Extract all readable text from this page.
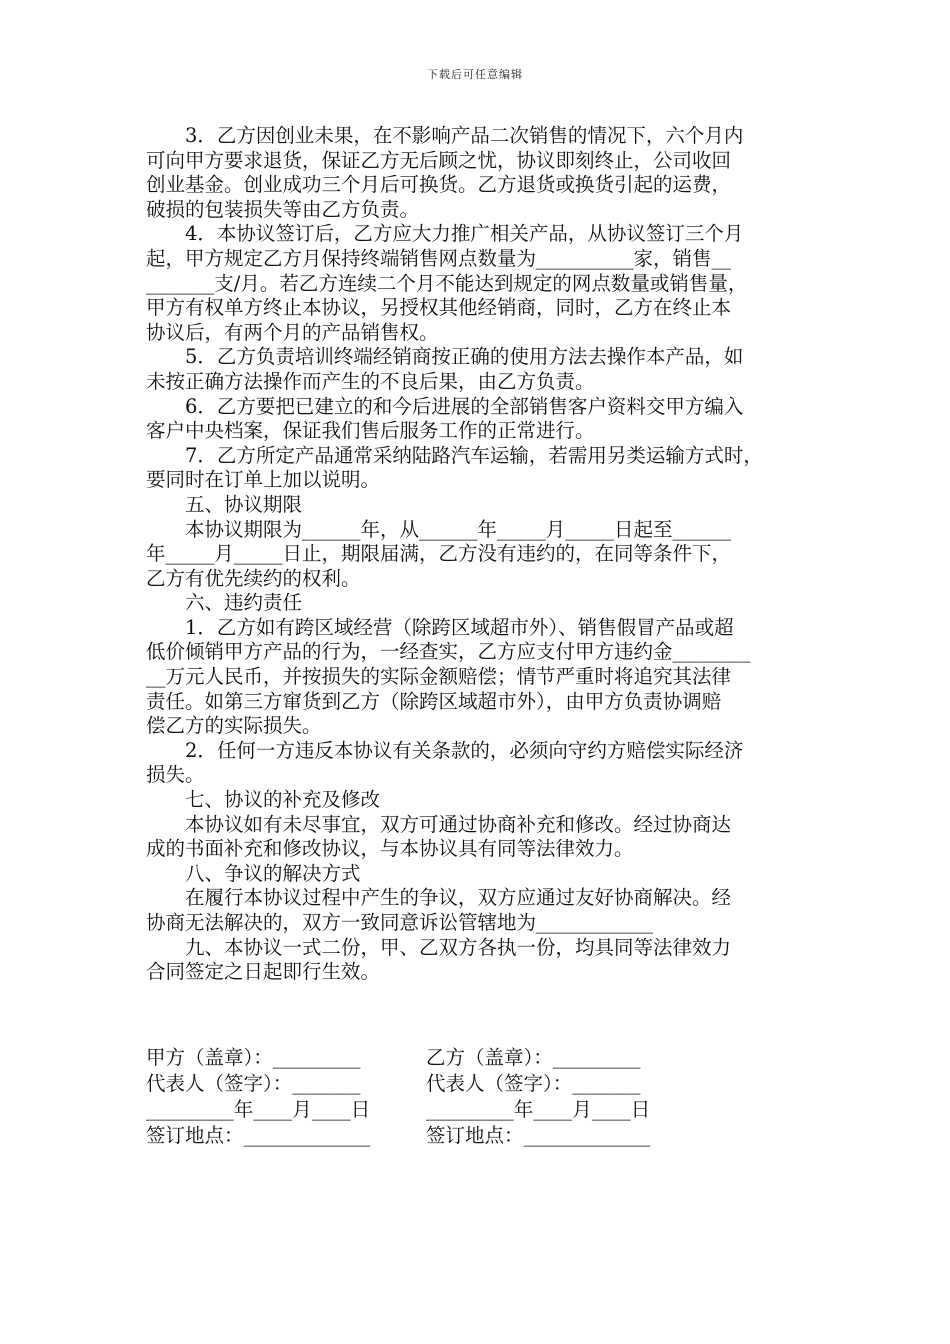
下载后可任意编辑
　　3．乙方因创业未果，在不影响产品二次销售的情况下，六个月内
可向甲方要求退货，保证乙方无后顾之忧，协议即刻终止，公司收回
创业基金。创业成功三个月后可换货。乙方退货或换货引起的运费，
破损的包装损失等由乙方负责。
　　4．本协议签订后，乙方应大力推广相关产品，从协议签订三个月
起，甲方规定乙方月保持终端销售网点数量为__________家，销售__
_______支/月。若乙方连续二个月不能达到规定的网点数量或销售量，
甲方有权单方终止本协议，另授权其他经销商，同时，乙方在终止本
协议后，有两个月的产品销售权。
　　5．乙方负责培训终端经销商按正确的使用方法去操作本产品，如
未按正确方法操作而产生的不良后果，由乙方负责。
　　6．乙方要把已建立的和今后进展的全部销售客户资料交甲方编入
客户中央档案，保证我们售后服务工作的正常进行。
　　7．乙方所定产品通常采纳陆路汽车运输，若需用另类运输方式时，
要同时在订单上加以说明。
　　五、协议期限
　　本协议期限为______年，从______年_____月_____日起至______
年_____月_____日止，期限届满，乙方没有违约的，在同等条件下，
乙方有优先续约的权利。
　　六、违约责任
　　1．乙方如有跨区域经营（除跨区域超市外）、销售假冒产品或超
低价倾销甲方产品的行为，一经查实，乙方应支付甲方违约金________
__万元人民币，并按损失的实际金额赔偿；情节严重时将追究其法律
责任。如第三方窜货到乙方（除跨区域超市外），由甲方负责协调赔
偿乙方的实际损失。
　　2．任何一方违反本协议有关条款的，必须向守约方赔偿实际经济
损失。
　　七、协议的补充及修改
　　本协议如有未尽事宜，双方可通过协商补充和修改。经过协商达
成的书面补充和修改协议，与本协议具有同等法律效力。
　　八、争议的解决方式
　　在履行本协议过程中产生的争议，双方应通过友好协商解决。经
协商无法解决的，双方一致同意诉讼管辖地为____________
　　九、本协议一式二份，甲、乙双方各执一份，均具同等法律效力
合同签定之日起即行生效。
甲方（盖章）：_________	乙方（盖章）：_________
代表人（签字）：_______	代表人（签字）：_______
_________年____月____日	_________年____月____日
签订地点：_____________	签订地点：_____________
